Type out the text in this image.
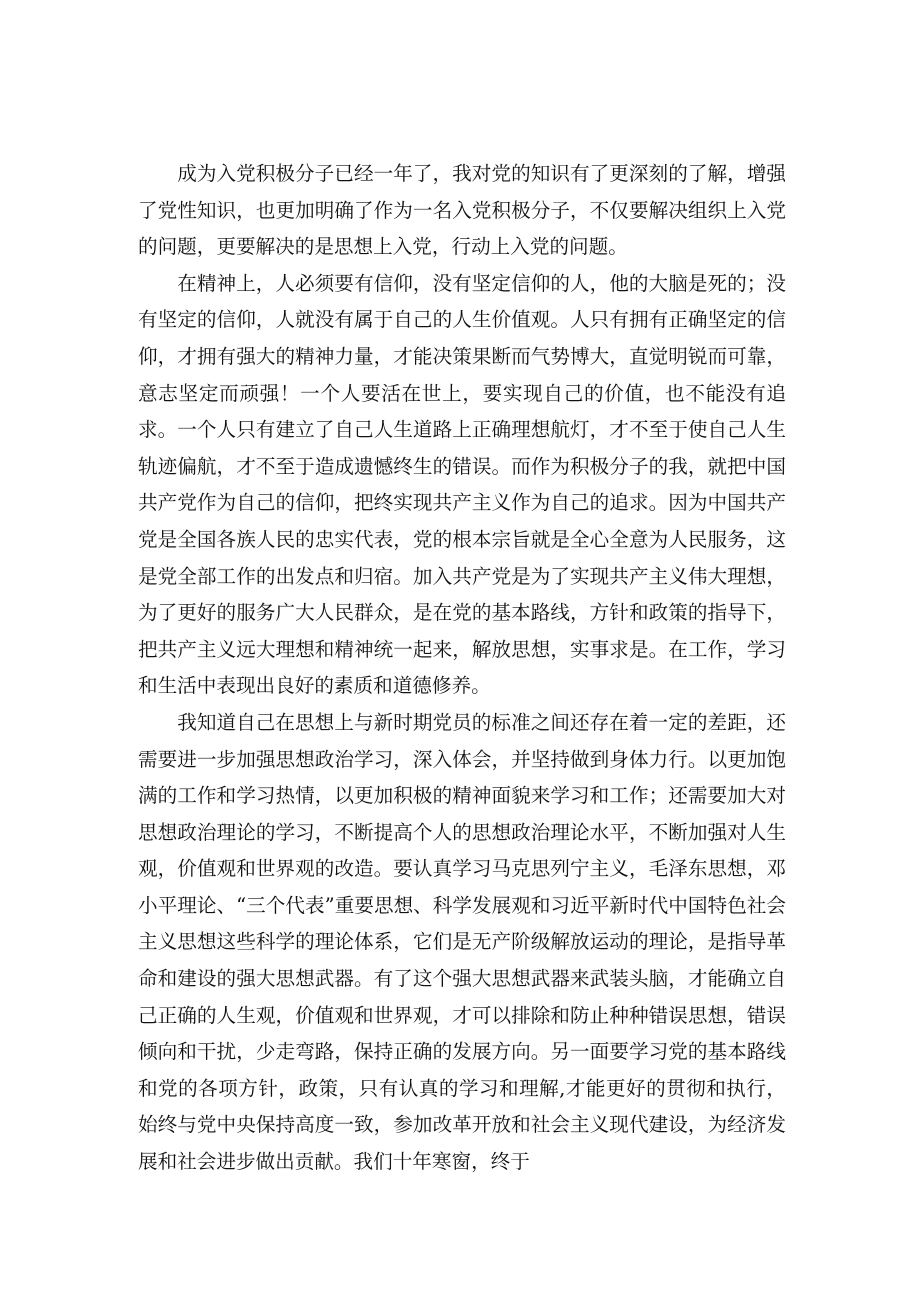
成为入党积极分子已经一年了，我对党的知识有了更深刻的了解，增强了党性知识，也更加明确了作为一名入党积极分子，不仅要解决组织上入党的问题，更要解决的是思想上入党，行动上入党的问题。

在精神上，人必须要有信仰，没有坚定信仰的人，他的大脑是死的；没有坚定的信仰，人就没有属于自己的人生价值观。人只有拥有正确坚定的信仰，才拥有强大的精神力量，才能决策果断而气势博大，直觉明锐而可靠，意志坚定而顽强！一个人要活在世上，要实现自己的价值，也不能没有追求。一个人只有建立了自己人生道路上正确理想航灯，才不至于使自己人生轨迹偏航，才不至于造成遗憾终生的错误。而作为积极分子的我，就把中国共产党作为自己的信仰，把终实现共产主义作为自己的追求。因为中国共产党是全国各族人民的忠实代表，党的根本宗旨就是全心全意为人民服务，这是党全部工作的出发点和归宿。加入共产党是为了实现共产主义伟大理想，为了更好的服务广大人民群众，是在党的基本路线，方针和政策的指导下，把共产主义远大理想和精神统一起来，解放思想，实事求是。在工作，学习和生活中表现出良好的素质和道德修养。

我知道自己在思想上与新时期党员的标准之间还存在着一定的差距，还需要进一步加强思想政治学习，深入体会，并坚持做到身体力行。以更加饱满的工作和学习热情，以更加积极的精神面貌来学习和工作；还需要加大对思想政治理论的学习，不断提高个人的思想政治理论水平，不断加强对人生观，价值观和世界观的改造。要认真学习马克思列宁主义，毛泽东思想，邓小平理论、“三个代表”重要思想、科学发展观和习近平新时代中国特色社会主义思想这些科学的理论体系，它们是无产阶级解放运动的理论，是指导革命和建设的强大思想武器。有了这个强大思想武器来武装头脑，才能确立自己正确的人生观，价值观和世界观，才可以排除和防止种种错误思想，错误倾向和干扰，少走弯路，保持正确的发展方向。另一面要学习党的基本路线和党的各项方针，政策，只有认真的学习和理解,才能更好的贯彻和执行，始终与党中央保持高度一致，参加改革开放和社会主义现代建设，为经济发展和社会进步做出贡献。我们十年寒窗，终于
